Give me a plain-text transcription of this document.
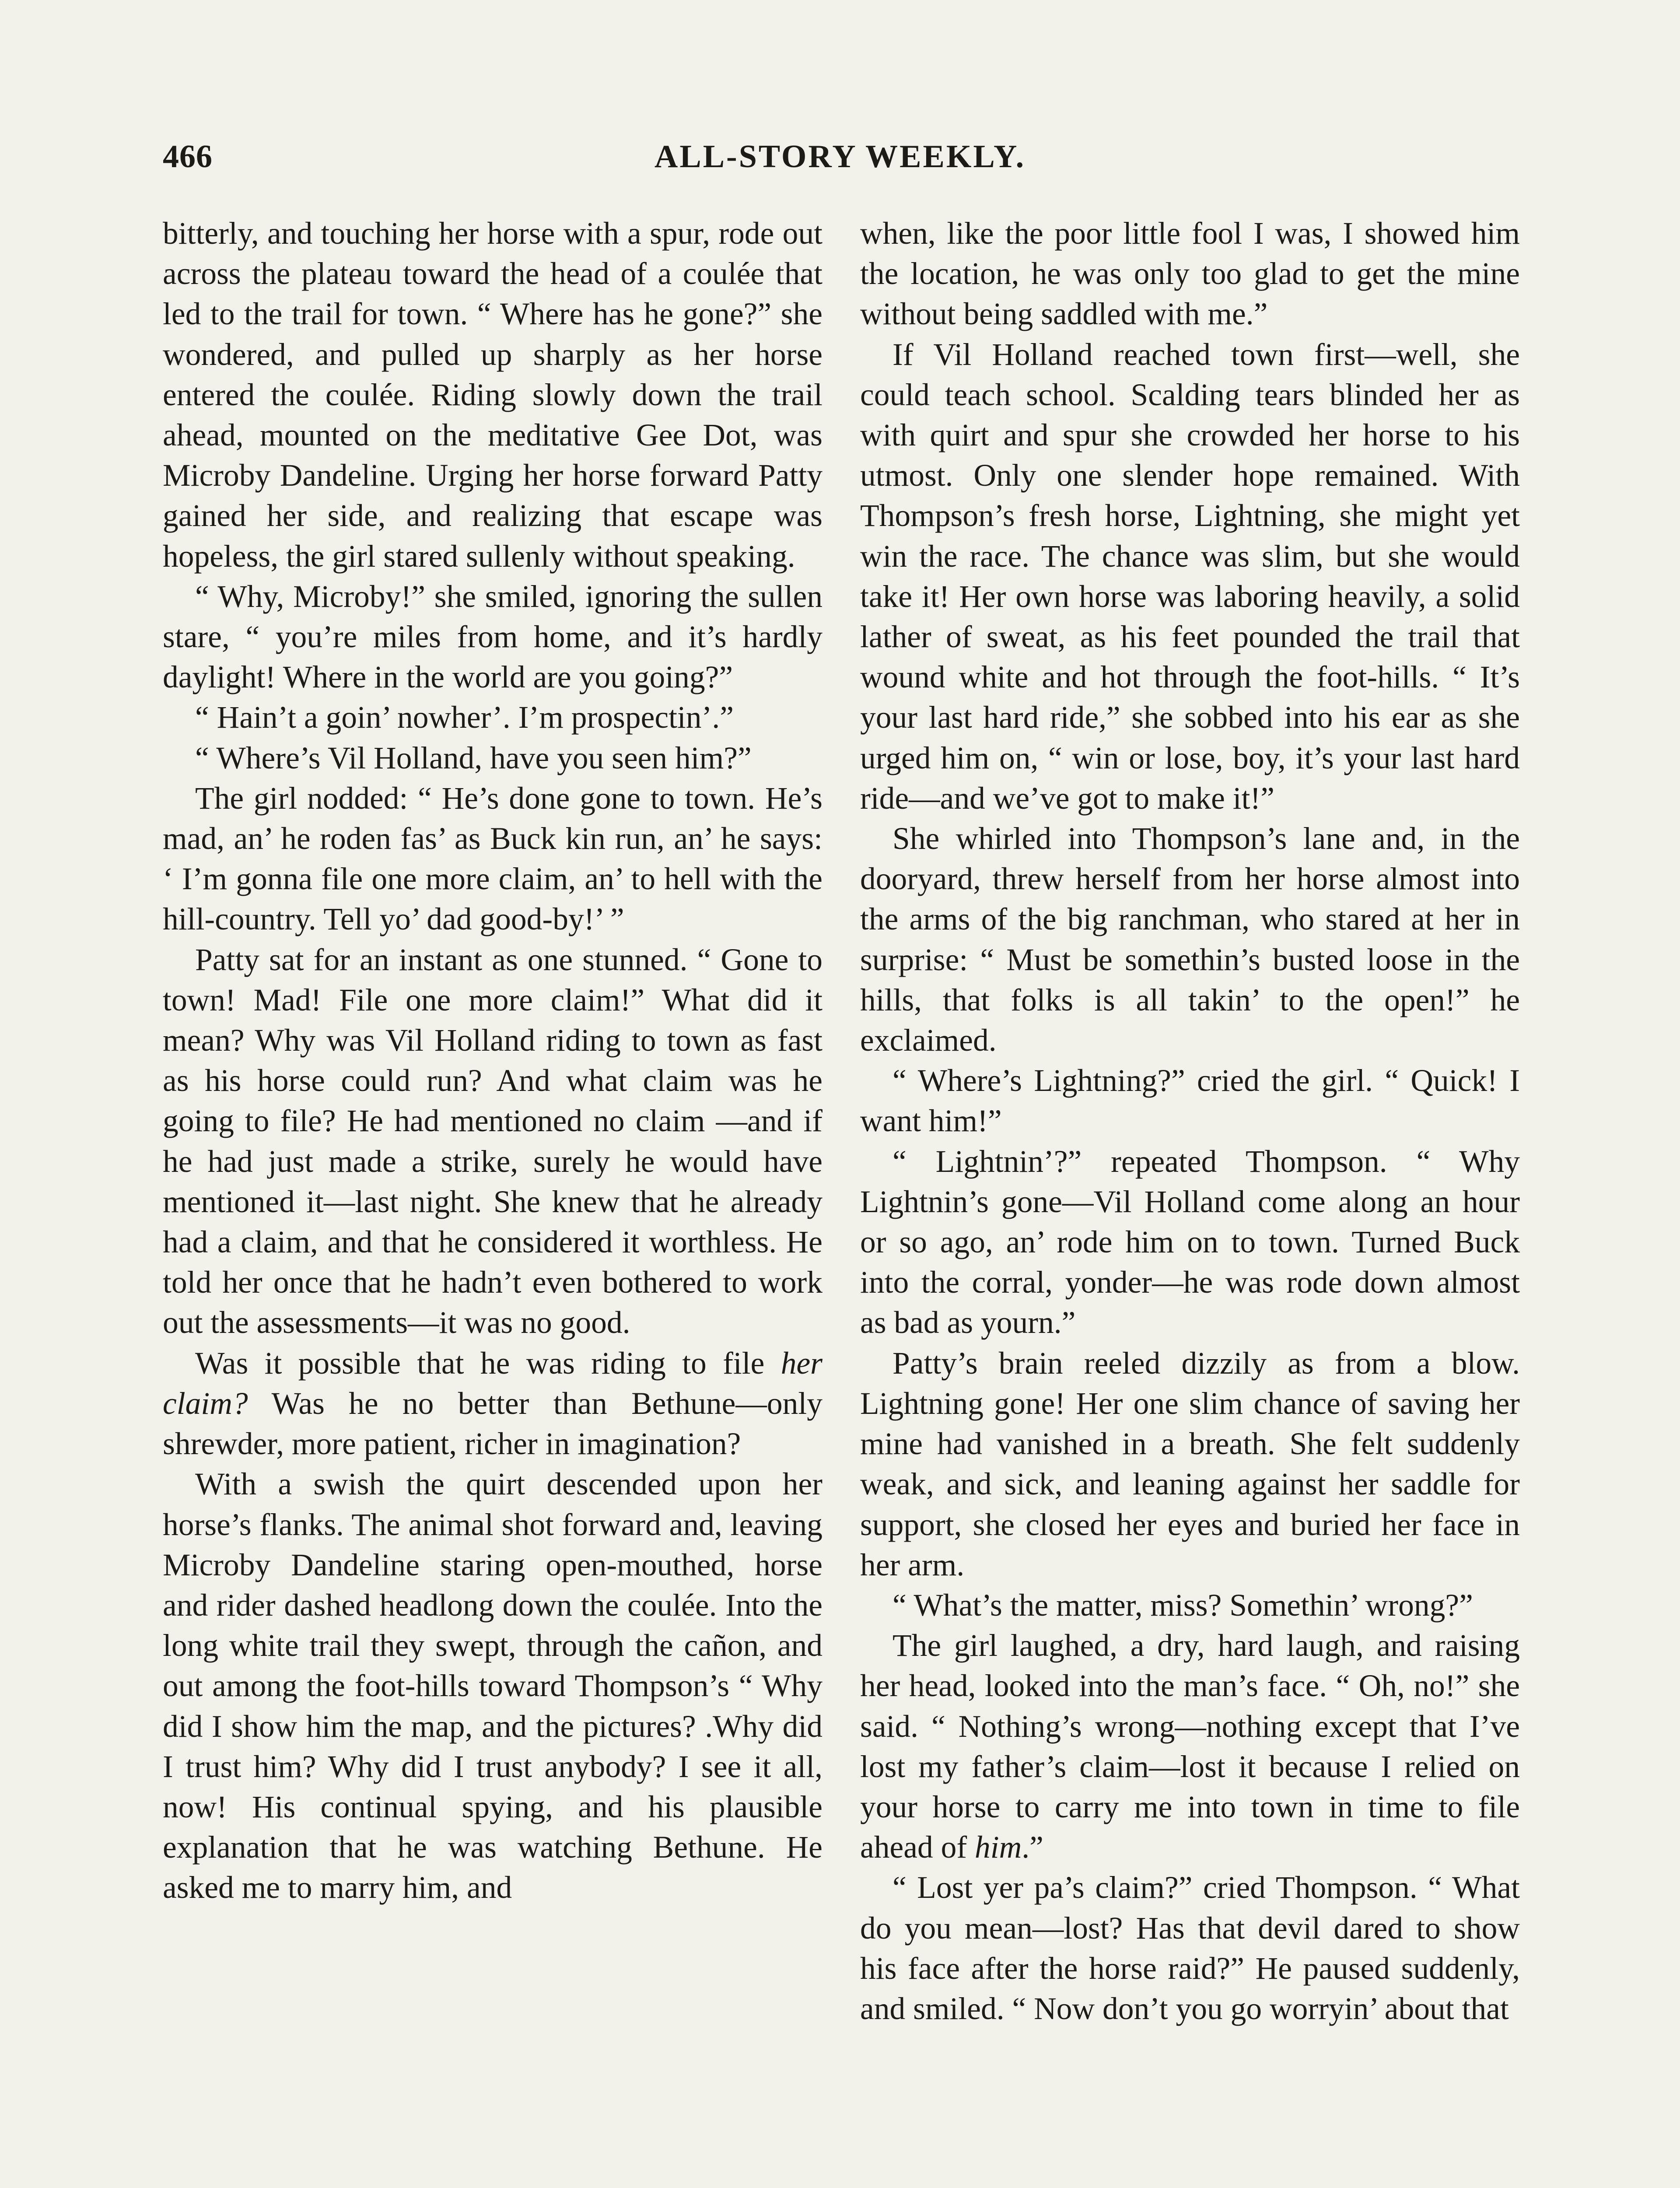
466	ALL-STORY WEEKLY.

bitterly, and touching her horse with a spur, rode out across the plateau toward the head of a coulée that led to the trail for town. “ Where has he gone?” she wondered, and pulled up sharply as her horse entered the coulée. Riding slowly down the trail ahead, mounted on the meditative Gee Dot, was Microby Dandeline. Urging her horse forward Patty gained her side, and realizing that escape was hopeless, the girl stared sullenly without speaking.

“ Why, Microby!” she smiled, ignoring the sullen stare, “ you’re miles from home, and it’s hardly daylight! Where in the world are you going?”

“ Hain’t a goin’ nowher’. I’m prospectin’.”

“ Where’s Vil Holland, have you seen him?”

The girl nodded: “ He’s done gone to town. He’s mad, an’ he roden fas’ as Buck kin run, an’ he says: ‘ I’m gonna file one more claim, an’ to hell with the hill-country. Tell yo’ dad good-by!’ ”

Patty sat for an instant as one stunned. “ Gone to town! Mad! File one more claim!” What did it mean? Why was Vil Holland riding to town as fast as his horse could run? And what claim was he going to file? He had mentioned no claim —and if he had just made a strike, surely he would have mentioned it—last night. She knew that he already had a claim, and that he considered it worthless. He told her once that he hadn’t even bothered to work out the assessments—it was no good.

Was it possible that he was riding to file her claim? Was he no better than Bethune—only shrewder, more patient, richer in imagination?

With a swish the quirt descended upon her horse’s flanks. The animal shot forward and, leaving Microby Dandeline staring open-mouthed, horse and rider dashed headlong down the coulée. Into the long white trail they swept, through the cañon, and out among the foot-hills toward Thompson’s “ Why did I show him the map, and the pictures? .Why did I trust him? Why did I trust anybody? I see it all, now! His continual spying, and his plausible explanation that he was watching Bethune. He asked me to marry him, and

when, like the poor little fool I was, I showed him the location, he was only too glad to get the mine without being saddled with me.”

If Vil Holland reached town first—well, she could teach school. Scalding tears blinded her as with quirt and spur she crowded her horse to his utmost. Only one slender hope remained. With Thompson’s fresh horse, Lightning, she might yet win the race. The chance was slim, but she would take it! Her own horse was laboring heavily, a solid lather of sweat, as his feet pounded the trail that wound white and hot through the foot-hills. “ It’s your last hard ride,” she sobbed into his ear as she urged him on, “ win or lose, boy, it’s your last hard ride—and we’ve got to make it!”

She whirled into Thompson’s lane and, in the dooryard, threw herself from her horse almost into the arms of the big ranchman, who stared at her in surprise: “ Must be somethin’s busted loose in the hills, that folks is all takin’ to the open!” he exclaimed.

“ Where’s Lightning?” cried the girl. “ Quick! I want him!”

“ Lightnin’?” repeated Thompson. “ Why Lightnin’s gone—Vil Holland come along an hour or so ago, an’ rode him on to town. Turned Buck into the corral, yonder—he was rode down almost as bad as yourn.”

Patty’s brain reeled dizzily as from a blow. Lightning gone! Her one slim chance of saving her mine had vanished in a breath. She felt suddenly weak, and sick, and leaning against her saddle for support, she closed her eyes and buried her face in her arm.

“ What’s the matter, miss? Somethin’ wrong?”

The girl laughed, a dry, hard laugh, and raising her head, looked into the man’s face. “ Oh, no!” she said. “ Nothing’s wrong—nothing except that I’ve lost my father’s claim—lost it because I relied on your horse to carry me into town in time to file ahead of him.”

“ Lost yer pa’s claim?” cried Thompson. “ What do you mean—lost? Has that devil dared to show his face after the horse raid?” He paused suddenly, and smiled. “ Now don’t you go worryin’ about that
